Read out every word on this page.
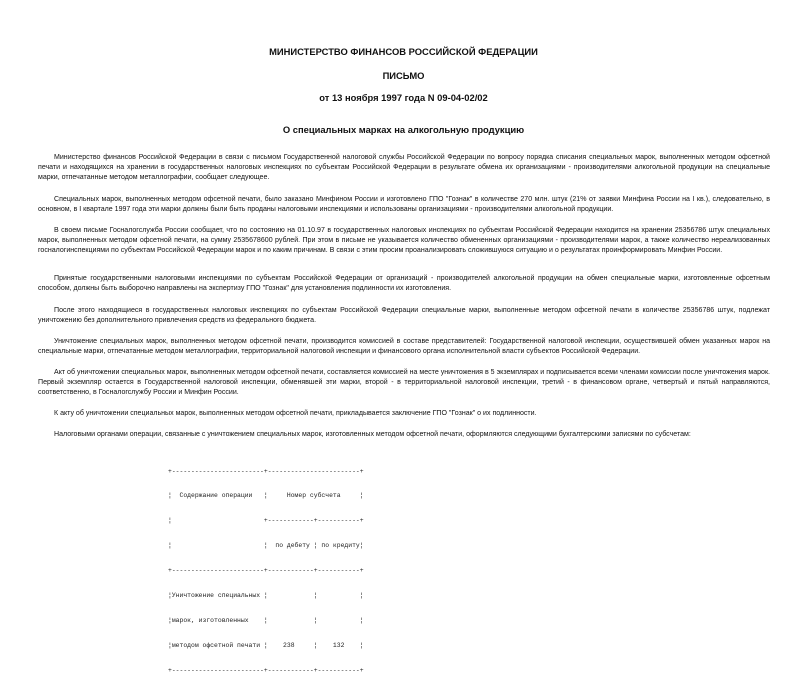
МИНИСТЕРСТВО ФИНАНСОВ РОССИЙСКОЙ ФЕДЕРАЦИИ
ПИСЬМО
от 13 ноября 1997 года N 09-04-02/02
О специальных марках на алкогольную продукцию

Министерство финансов Российской Федерации в связи с письмом Государственной налоговой службы Российской Федерации по вопросу порядка списания специальных марок, выполненных методом офсетной печати и находящихся на хранении в государственных налоговых инспекциях по субъектам Российской Федерации в результате обмена их организациями - производителями алкогольной продукции на специальные марки, отпечатанные методом металлографии, сообщает следующее.

Специальных марок, выполненных методом офсетной печати, было заказано Минфином России и изготовлено ГПО "Гознак" в количестве 270 млн. штук (21% от заявки Минфина России на I кв.), следовательно, в основном, в I квартале 1997 года эти марки должны были быть проданы налоговыми инспекциями и использованы организациями - производителями алкогольной продукции.

В своем письме Госналогслужба России сообщает, что по состоянию на 01.10.97 в государственных налоговых инспекциях по субъектам Российской Федерации находится на хранении 25356786 штук специальных марок, выполненных методом офсетной печати, на сумму 2535678600 рублей. При этом в письме не указывается количество обмененных организациями - производителями марок, а также количество нереализованных госналогинспекциями по субъектам Российской Федерации марок и по каким причинам. В связи с этим просим проанализировать сложившуюся ситуацию и о результатах проинформировать Минфин России.

Принятые государственными налоговыми инспекциями по субъектам Российской Федерации от организаций - производителей алкогольной продукции на обмен специальные марки, изготовленные офсетным способом, должны быть выборочно направлены на экспертизу ГПО "Гознак" для установления подлинности их изготовления.

После этого находящиеся в государственных налоговых инспекциях по субъектам Российской Федерации специальные марки, выполненные методом офсетной печати в количестве 25356786 штук, подлежат уничтожению без дополнительного привлечения средств из федерального бюджета.

Уничтожение специальных марок, выполненных методом офсетной печати, производится комиссией в составе представителей: Государственной налоговой инспекции, осуществившей обмен указанных марок на специальные марки, отпечатанные методом металлографии, территориальной налоговой инспекции и финансового органа исполнительной власти субъектов Российской Федерации.

Акт об уничтожении специальных марок, выполненных методом офсетной печати, составляется комиссией на месте уничтожения в 5 экземплярах и подписывается всеми членами комиссии после уничтожения марок. Первый экземпляр остается в Государственной налоговой инспекции, обменявшей эти марки, второй - в территориальной налоговой инспекции, третий - в финансовом органе, четвертый и пятый направляются, соответственно, в Госналогслужбу России и Минфин России.

К акту об уничтожении специальных марок, выполненных методом офсетной печати, прикладывается заключение ГПО "Гознак" о их подлинности.

Налоговыми органами операции, связанные с уничтожением специальных марок, изготовленных методом офсетной печати, оформляются следующими бухгалтерскими записями по субсчетам:

+------------------------+------------------------+

¦  Содержание операции   ¦     Номер субсчета     ¦

¦                        +------------+-----------+

¦                        ¦  по дебету ¦ по кредиту¦

+------------------------+------------+-----------+

¦Уничтожение специальных ¦            ¦           ¦

¦марок, изготовленных    ¦            ¦           ¦

¦методом офсетной печати ¦    238     ¦    132    ¦

+------------------------+------------+-----------+
